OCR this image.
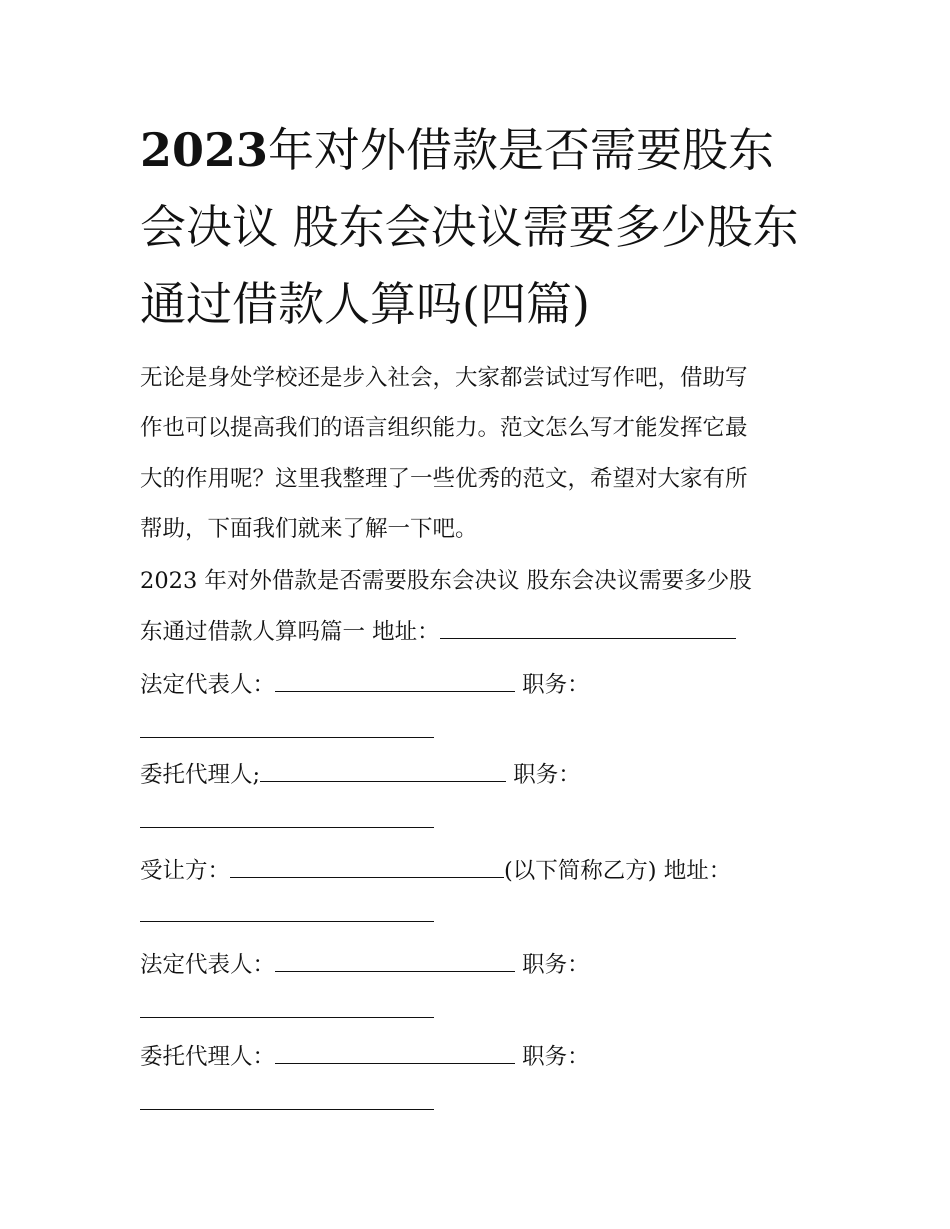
2023年对外借款是否需要股东会决议 股东会决议需要多少股东通过借款人算吗(四篇)
无论是身处学校还是步入社会，大家都尝试过写作吧，借助写
作也可以提高我们的语言组织能力。范文怎么写才能发挥它最
大的作用呢？这里我整理了一些优秀的范文，希望对大家有所
帮助，下面我们就来了解一下吧。
2023 年对外借款是否需要股东会决议 股东会决议需要多少股
东通过借款人算吗篇一 地址：
法定代表人：	职务：
委托代理人;	职务：
受让方：	(以下简称乙方) 地址：
法定代表人：	职务：
委托代理人：	职务：
